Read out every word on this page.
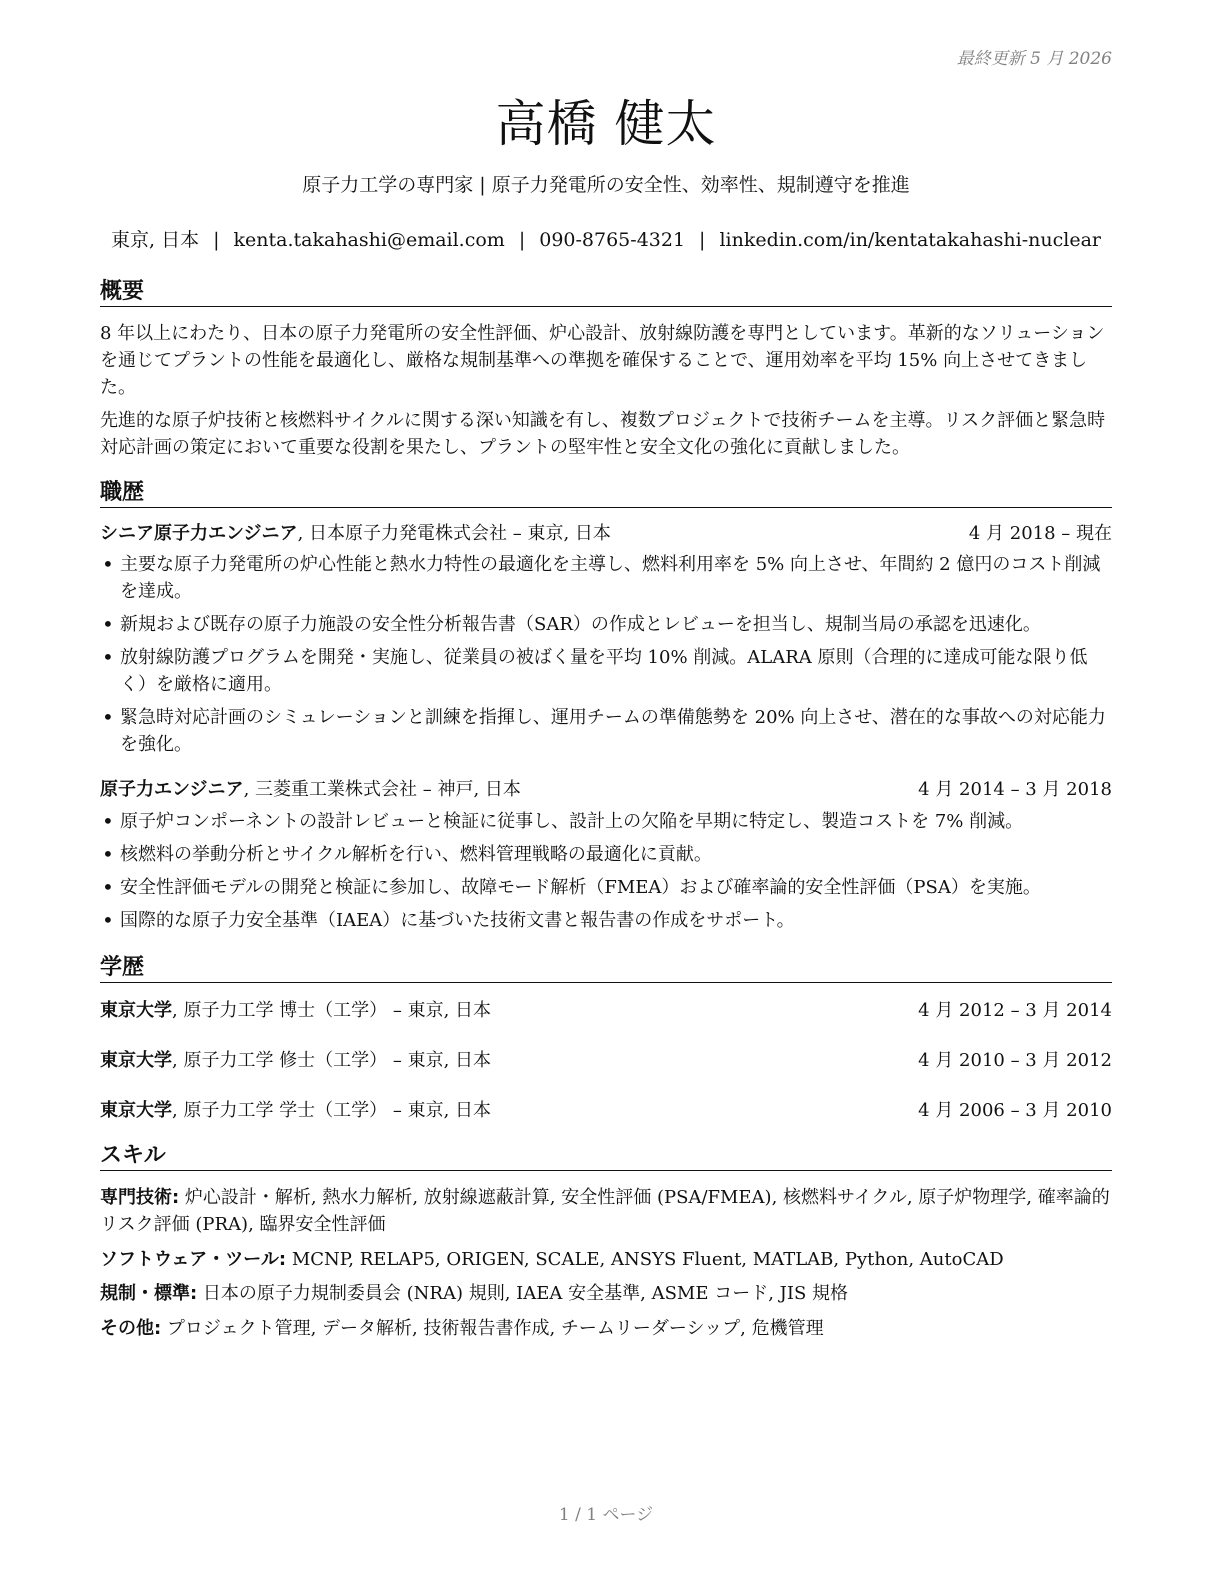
最終更新 5 月 2026
高橋 健太
原子力工学の専門家 | 原子力発電所の安全性、効率性、規制遵守を推進
東京, 日本 | kenta.takahashi@email.com | 090-8765-4321 | linkedin.com/in/kentatakahashi-nuclear
概要

8 年以上にわたり、日本の原子力発電所の安全性評価、炉心設計、放射線防護を専門としています。革新的なソリューションを通じてプラントの性能を最適化し、厳格な規制基準への準拠を確保することで、運用効率を平均 15% 向上させてきました。

先進的な原子炉技術と核燃料サイクルに関する深い知識を有し、複数プロジェクトで技術チームを主導。リスク評価と緊急時対応計画の策定において重要な役割を果たし、プラントの堅牢性と安全文化の強化に貢献しました。

職歴
シニア原子力エンジニア, 日本原子力発電株式会社 – 東京, 日本	4 月 2018 – 現在
• 主要な原子力発電所の炉心性能と熱水力特性の最適化を主導し、燃料利用率を 5% 向上させ、年間約 2 億円のコスト削減を達成。
• 新規および既存の原子力施設の安全性分析報告書（SAR）の作成とレビューを担当し、規制当局の承認を迅速化。
• 放射線防護プログラムを開発・実施し、従業員の被ばく量を平均 10% 削減。ALARA 原則（合理的に達成可能な限り低く）を厳格に適用。
• 緊急時対応計画のシミュレーションと訓練を指揮し、運用チームの準備態勢を 20% 向上させ、潜在的な事故への対応能力を強化。
原子力エンジニア, 三菱重工業株式会社 – 神戸, 日本	4 月 2014 – 3 月 2018
• 原子炉コンポーネントの設計レビューと検証に従事し、設計上の欠陥を早期に特定し、製造コストを 7% 削減。
• 核燃料の挙動分析とサイクル解析を行い、燃料管理戦略の最適化に貢献。
• 安全性評価モデルの開発と検証に参加し、故障モード解析（FMEA）および確率論的安全性評価（PSA）を実施。
• 国際的な原子力安全基準（IAEA）に基づいた技術文書と報告書の作成をサポート。
学歴
東京大学, 原子力工学 博士（工学） – 東京, 日本	4 月 2012 – 3 月 2014
東京大学, 原子力工学 修士（工学） – 東京, 日本	4 月 2010 – 3 月 2012
東京大学, 原子力工学 学士（工学） – 東京, 日本	4 月 2006 – 3 月 2010
スキル
専門技術: 炉心設計・解析, 熱水力解析, 放射線遮蔽計算, 安全性評価 (PSA/FMEA), 核燃料サイクル, 原子炉物理学, 確率論的リスク評価 (PRA), 臨界安全性評価
ソフトウェア・ツール: MCNP, RELAP5, ORIGEN, SCALE, ANSYS Fluent, MATLAB, Python, AutoCAD
規制・標準: 日本の原子力規制委員会 (NRA) 規則, IAEA 安全基準, ASME コード, JIS 規格
その他: プロジェクト管理, データ解析, 技術報告書作成, チームリーダーシップ, 危機管理
1 / 1 ページ
